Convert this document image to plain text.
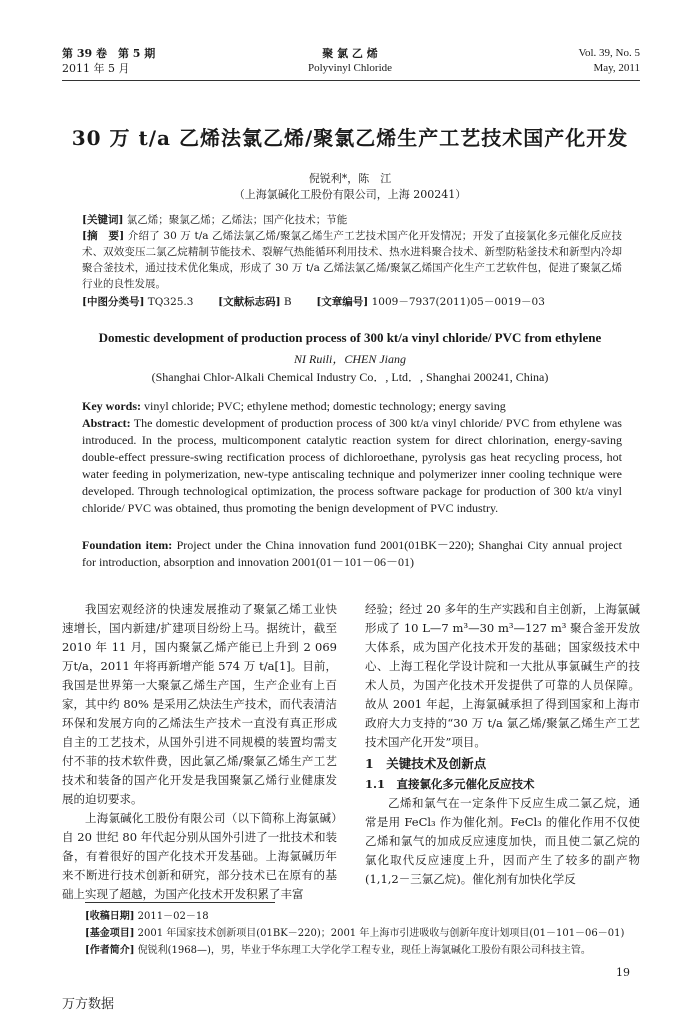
第 39 卷　第 5 期
2011 年 5 月
聚 氯 乙 烯
Polyvinyl Chloride
Vol. 39, No. 5
May, 2011
30 万 t/a 乙烯法氯乙烯/聚氯乙烯生产工艺技术国产化开发
倪锐利*，陈　江
（上海氯碱化工股份有限公司，上海 200241）
[关键词] 氯乙烯；聚氯乙烯；乙烯法；国产化技术；节能
[摘　要] 介绍了 30 万 t/a 乙烯法氯乙烯/聚氯乙烯生产工艺技术国产化开发情况；开发了直接氯化多元催化反应技术、双效变压二氯乙烷精制节能技术、裂解气热能循环利用技术、热水进料聚合技术、新型防粘釜技术和新型内冷却聚合釜技术，通过技术优化集成，形成了 30 万 t/a 乙烯法氯乙烯/聚氯乙烯国产化生产工艺软件包，促进了聚氯乙烯行业的良性发展。
[中图分类号] TQ325.3 [文献标志码] B [文章编号] 1009－7937(2011)05－0019－03
Domestic development of production process of 300 kt/a vinyl chloride/ PVC from ethylene
NI Ruili，CHEN Jiang
(Shanghai Chlor-Alkali Chemical Industry Co．, Ltd．, Shanghai 200241, China)
Key words: vinyl chloride; PVC; ethylene method; domestic technology; energy saving
Abstract: The domestic development of production process of 300 kt/a vinyl chloride/ PVC from ethylene was introduced. In the process, multicomponent catalytic reaction system for direct chlorination, energy-saving double-effect pressure-swing rectification process of dichloroethane, pyrolysis gas heat recycling process, hot water feeding in polymerization, new-type antiscaling technique and polymerizer inner cooling technique were developed. Through technological optimization, the process software package for production of 300 kt/a vinyl chloride/ PVC was obtained, thus promoting the benign development of PVC industry.
Foundation item: Project under the China innovation fund 2001(01BK－220); Shanghai City annual project for introduction, absorption and innovation 2001(01－101－06－01)

我国宏观经济的快速发展推动了聚氯乙烯工业快速增长，国内新建/扩建项目纷纷上马。据统计，截至 2010 年 11 月，国内聚氯乙烯产能已上升到 2 069 万t/a，2011 年将再新增产能 574 万 t/a[1]。目前，我国是世界第一大聚氯乙烯生产国，生产企业有上百家，其中约 80% 是采用乙炔法生产技术，而代表清洁环保和发展方向的乙烯法生产技术一直没有真正形成自主的工艺技术，从国外引进不同规模的装置均需支付不菲的技术软件费，因此氯乙烯/聚氯乙烯生产工艺技术和装备的国产化开发是我国聚氯乙烯行业健康发展的迫切要求。

上海氯碱化工股份有限公司（以下简称上海氯碱）自 20 世纪 80 年代起分别从国外引进了一批技术和装备，有着很好的国产化技术开发基础。上海氯碱历年来不断进行技术创新和研究，部分技术已在原有的基础上实现了超越，为国产化技术开发积累了丰富

经验；经过 20 多年的生产实践和自主创新，上海氯碱形成了 10 L—7 m³—30 m³—127 m³ 聚合釜开发放大体系，成为国产化技术开发的基础；国家级技术中心、上海工程化学设计院和一大批从事氯碱生产的技术人员，为国产化技术开发提供了可靠的人员保障。故从 2001 年起，上海氯碱承担了得到国家和上海市政府大力支持的“30 万 t/a 氯乙烯/聚氯乙烯生产工艺技术国产化开发”项目。

1　关键技术及创新点

1.1　直接氯化多元催化反应技术

乙烯和氯气在一定条件下反应生成二氯乙烷，通常是用 FeCl₃ 作为催化剂。FeCl₃ 的催化作用不仅使乙烯和氯气的加成反应速度加快，而且使二氯乙烷的氯化取代反应速度上升，因而产生了较多的副产物(1,1,2－三氯乙烷)。催化剂有加快化学反

[收稿日期] 2011－02－18
[基金项目] 2001 年国家技术创新项目(01BK－220)；2001 年上海市引进吸收与创新年度计划项目(01－101－06－01)
[作者简介] 倪锐利(1968—)，男，毕业于华东理工大学化学工程专业，现任上海氯碱化工股份有限公司科技主管。
19
万方数据
